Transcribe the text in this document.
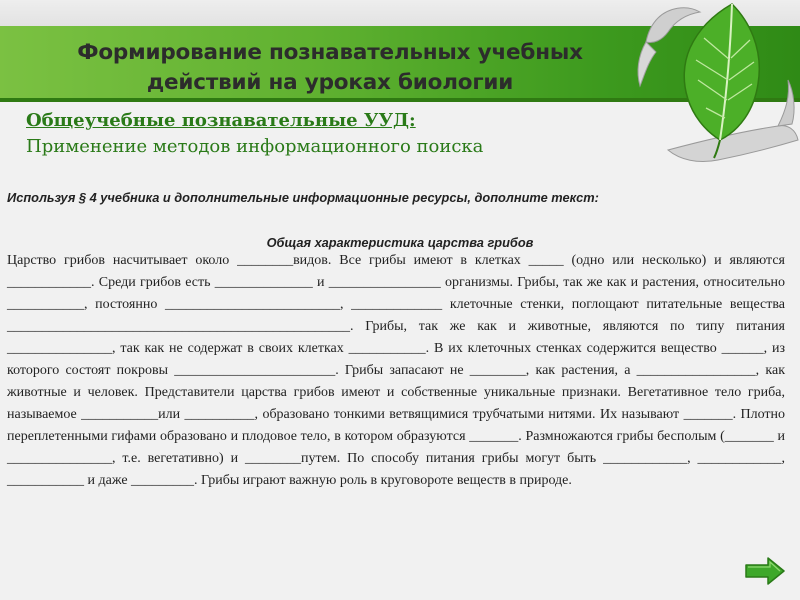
Формирование познавательных учебных действий на уроках биологии
Общеучебные познавательные УУД:
Применение методов информационного поиска
Используя § 4 учебника и дополнительные информационные ресурсы, дополните текст:
Общая характеристика царства грибов
Царство грибов насчитывает около ________видов. Все грибы имеют в клетках _____ (одно или несколько) и являются ____________. Среди грибов есть ______________ и ________________ организмы. Грибы, так же как и растения, относительно ___________, постоянно _________________________, _____________ клеточные стенки, поглощают питательные вещества _________________________________________________. Грибы, так же как и животные, являются по типу питания _______________, так как не содержат в своих клетках ___________. В их клеточных стенках содержится вещество ______, из которого состоят покровы _______________________. Грибы запасают не ________, как растения, а _________________, как животные и человек. Представители царства грибов имеют и собственные уникальные признаки. Вегетативное тело гриба, называемое ___________или __________, образовано тонкими ветвящимися трубчатыми нитями. Их называют _______. Плотно переплетенными гифами образовано и плодовое тело, в котором образуются _______. Размножаются грибы бесполым (_______ и _______________, т.е. вегетативно) и ________путем. По способу питания грибы могут быть ____________, ____________, ___________ и даже _________. Грибы играют важную роль в круговороте веществ в природе.
